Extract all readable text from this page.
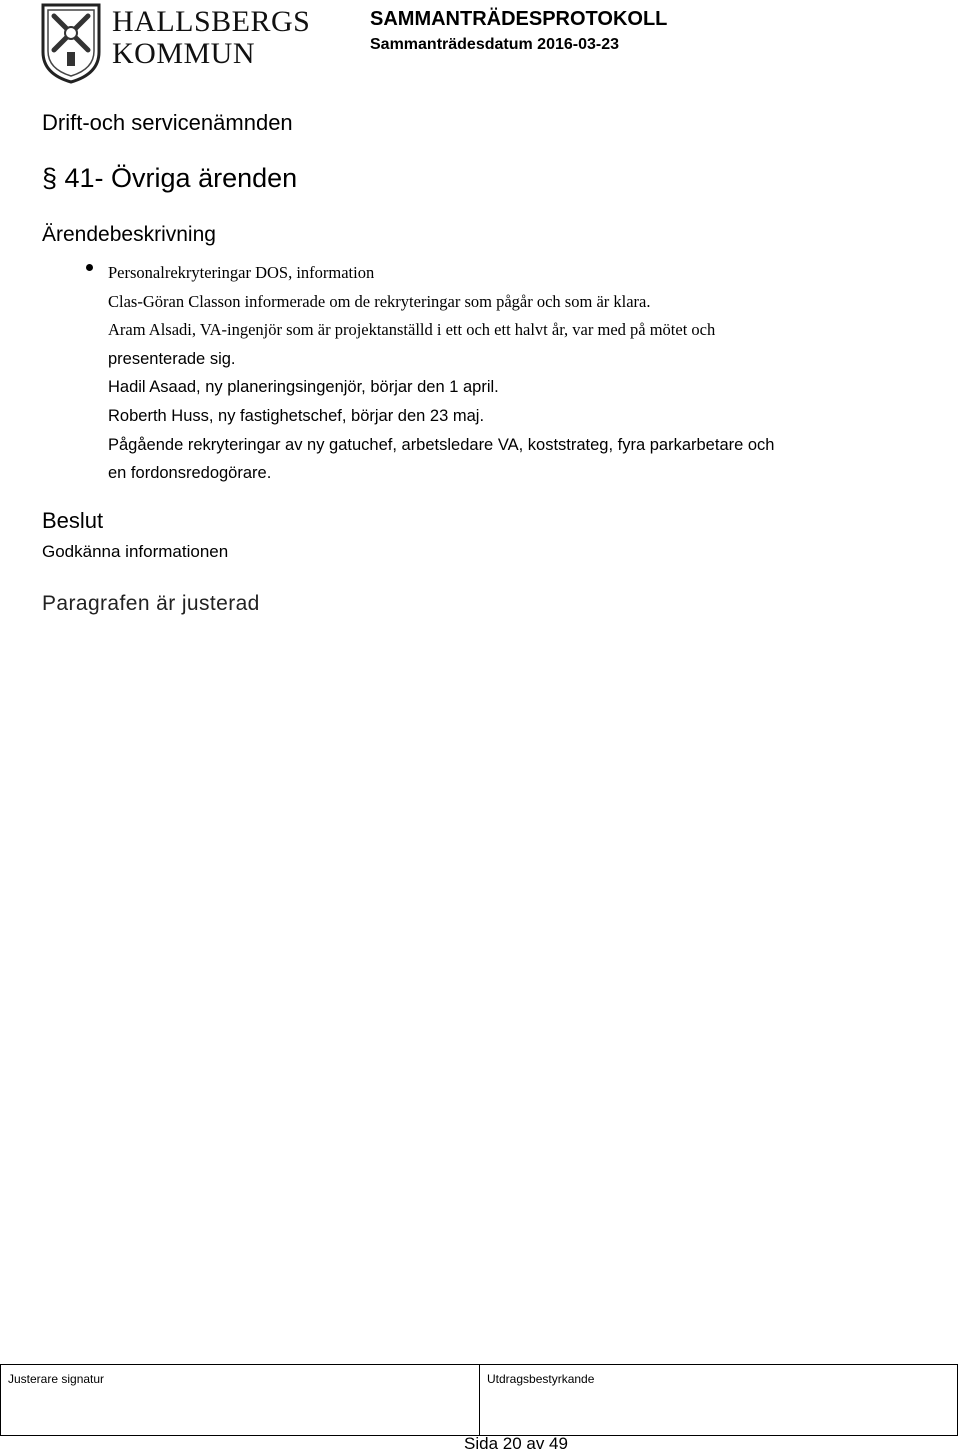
HALLSBERGS
KOMMUN
SAMMANTRÄDESPROTOKOLL
Sammanträdesdatum 2016-03-23
Drift-och servicenämnden
§ 41- Övriga ärenden
Ärendebeskrivning

Personalrekryteringar DOS, information

Clas-Göran Classon informerade om de rekryteringar som pågår och som är klara.

Aram Alsadi, VA-ingenjör som är projektanställd i ett och ett halvt år, var med på mötet och

presenterade sig.

Hadil Asaad, ny planeringsingenjör, börjar den 1 april.

Roberth Huss, ny fastighetschef, börjar den 23 maj.

Pågående rekryteringar av ny gatuchef, arbetsledare VA, koststrateg, fyra parkarbetare och

en fordonsredogörare.

Beslut
Godkänna informationen
Paragrafen är justerad
Justerare signatur	Utdragsbestyrkande
Sida 20 av 49
